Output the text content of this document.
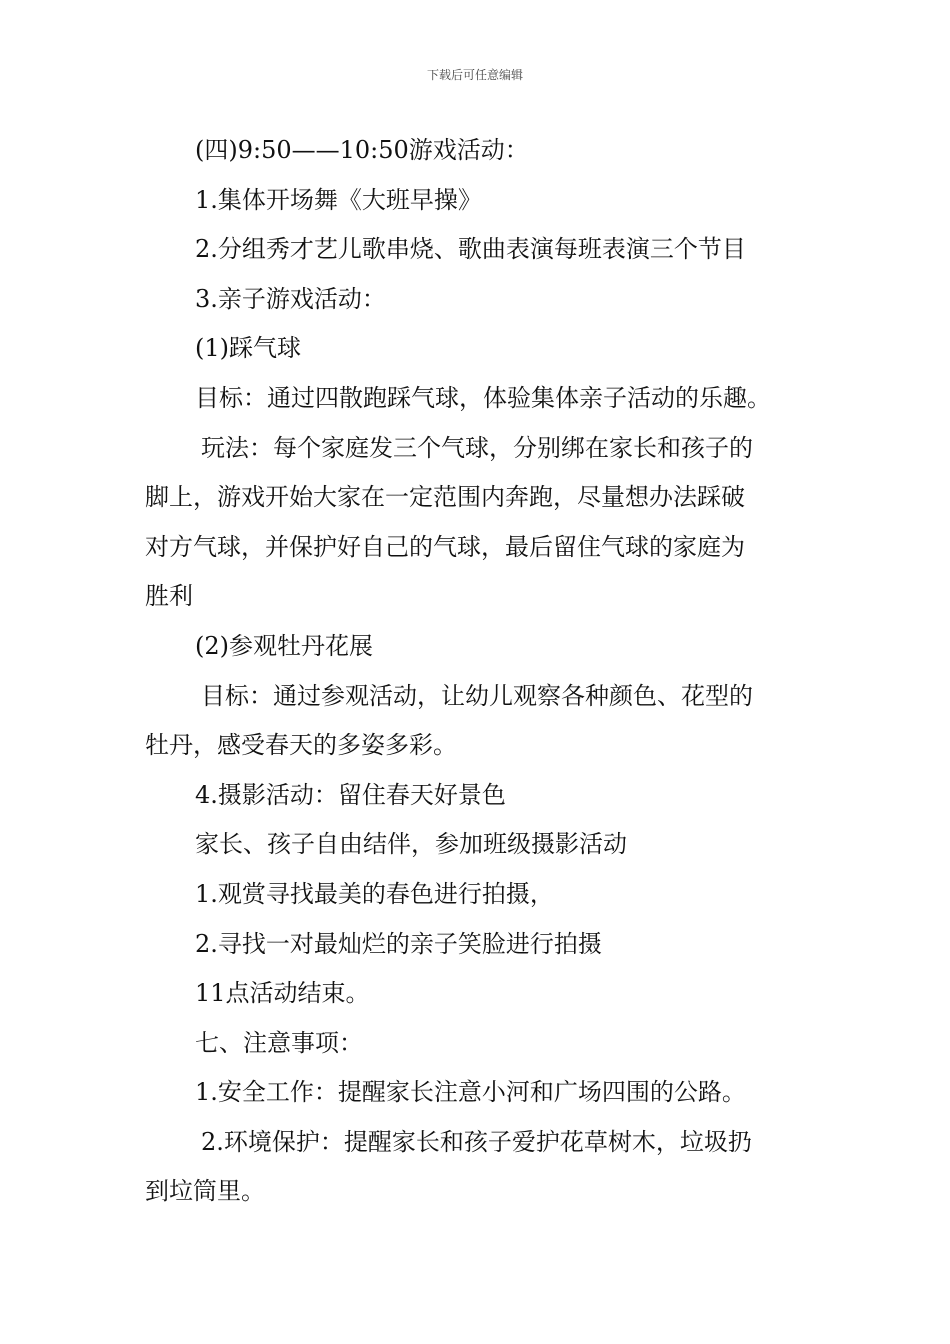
下载后可任意编辑
(四)9:50——10:50游戏活动：
1.集体开场舞《大班早操》
2.分组秀才艺儿歌串烧、歌曲表演每班表演三个节目
3.亲子游戏活动：
(1)踩气球
目标：通过四散跑踩气球，体验集体亲子活动的乐趣。
玩法：每个家庭发三个气球，分别绑在家长和孩子的
脚上，游戏开始大家在一定范围内奔跑，尽量想办法踩破
对方气球，并保护好自己的气球，最后留住气球的家庭为
胜利
(2)参观牡丹花展
目标：通过参观活动，让幼儿观察各种颜色、花型的
牡丹，感受春天的多姿多彩。
4.摄影活动：留住春天好景色
家长、孩子自由结伴，参加班级摄影活动
1.观赏寻找最美的春色进行拍摄，
2.寻找一对最灿烂的亲子笑脸进行拍摄
11点活动结束。
七、注意事项：
1.安全工作：提醒家长注意小河和广场四围的公路。
2.环境保护：提醒家长和孩子爱护花草树木，垃圾扔
到垃筒里。
